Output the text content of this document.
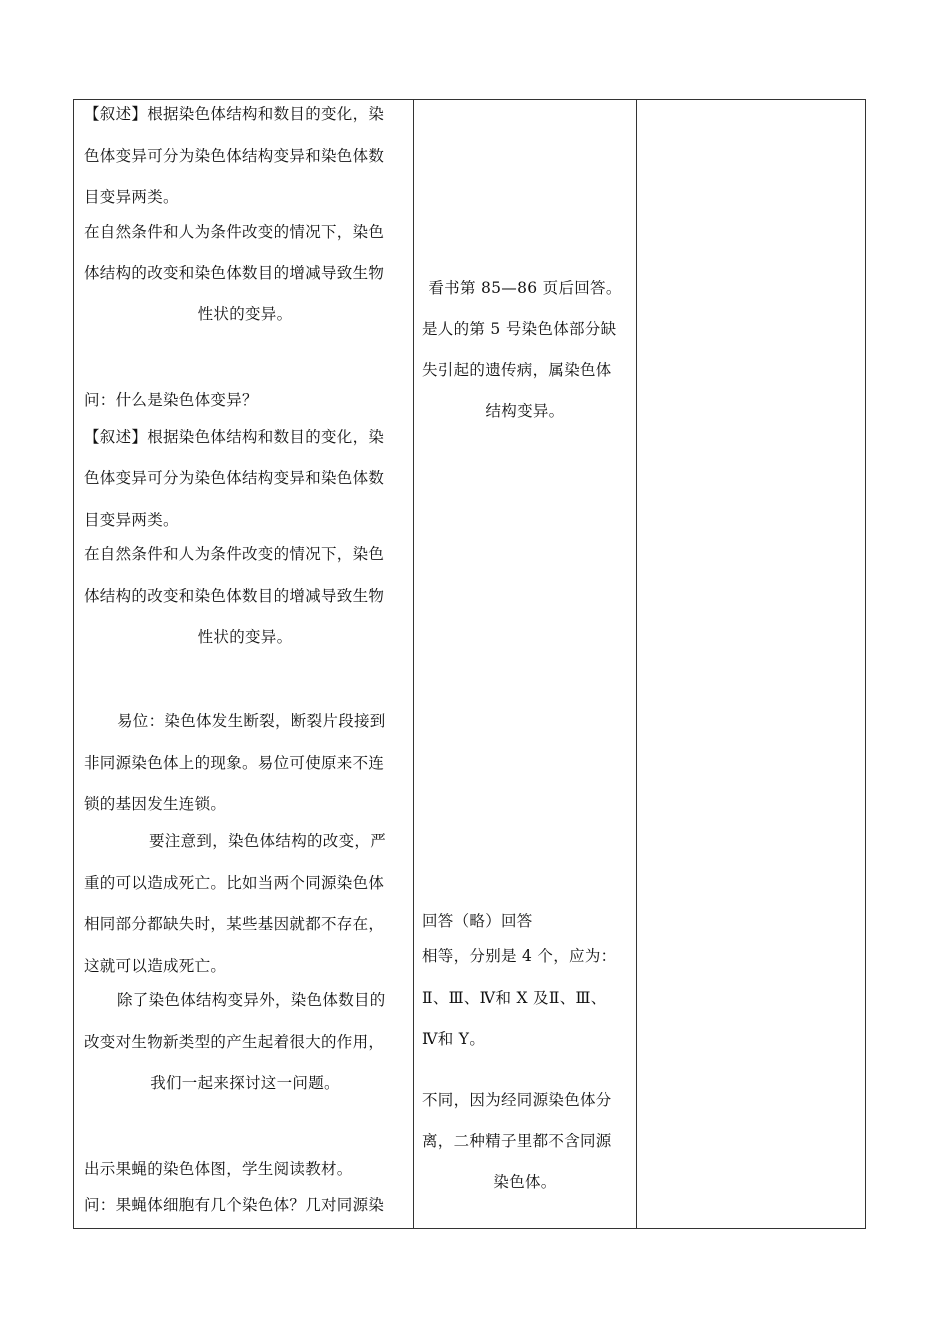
【叙述】根据染色体结构和数目的变化，染
色体变异可分为染色体结构变异和染色体数
目变异两类。
在自然条件和人为条件改变的情况下，染色
体结构的改变和染色体数目的增减导致生物
性状的变异。
问：什么是染色体变异？
【叙述】根据染色体结构和数目的变化，染
色体变异可分为染色体结构变异和染色体数
目变异两类。
在自然条件和人为条件改变的情况下，染色
体结构的改变和染色体数目的增减导致生物
性状的变异。
易位：染色体发生断裂，断裂片段接到
非同源染色体上的现象。易位可使原来不连
锁的基因发生连锁。
要注意到，染色体结构的改变，严
重的可以造成死亡。比如当两个同源染色体
相同部分都缺失时，某些基因就都不存在，
这就可以造成死亡。
除了染色体结构变异外，染色体数目的
改变对生物新类型的产生起着很大的作用，
我们一起来探讨这一问题。
出示果蝇的染色体图，学生阅读教材。
问：果蝇体细胞有几个染色体？几对同源染
看书第 85—86 页后回答。
是人的第 5 号染色体部分缺
失引起的遗传病，属染色体
结构变异。
回答（略）回答
相等，分别是 4 个，应为：
Ⅱ、Ⅲ、Ⅳ和 X 及Ⅱ、Ⅲ、
Ⅳ和 Y。
不同，因为经同源染色体分
离，二种精子里都不含同源
染色体。
